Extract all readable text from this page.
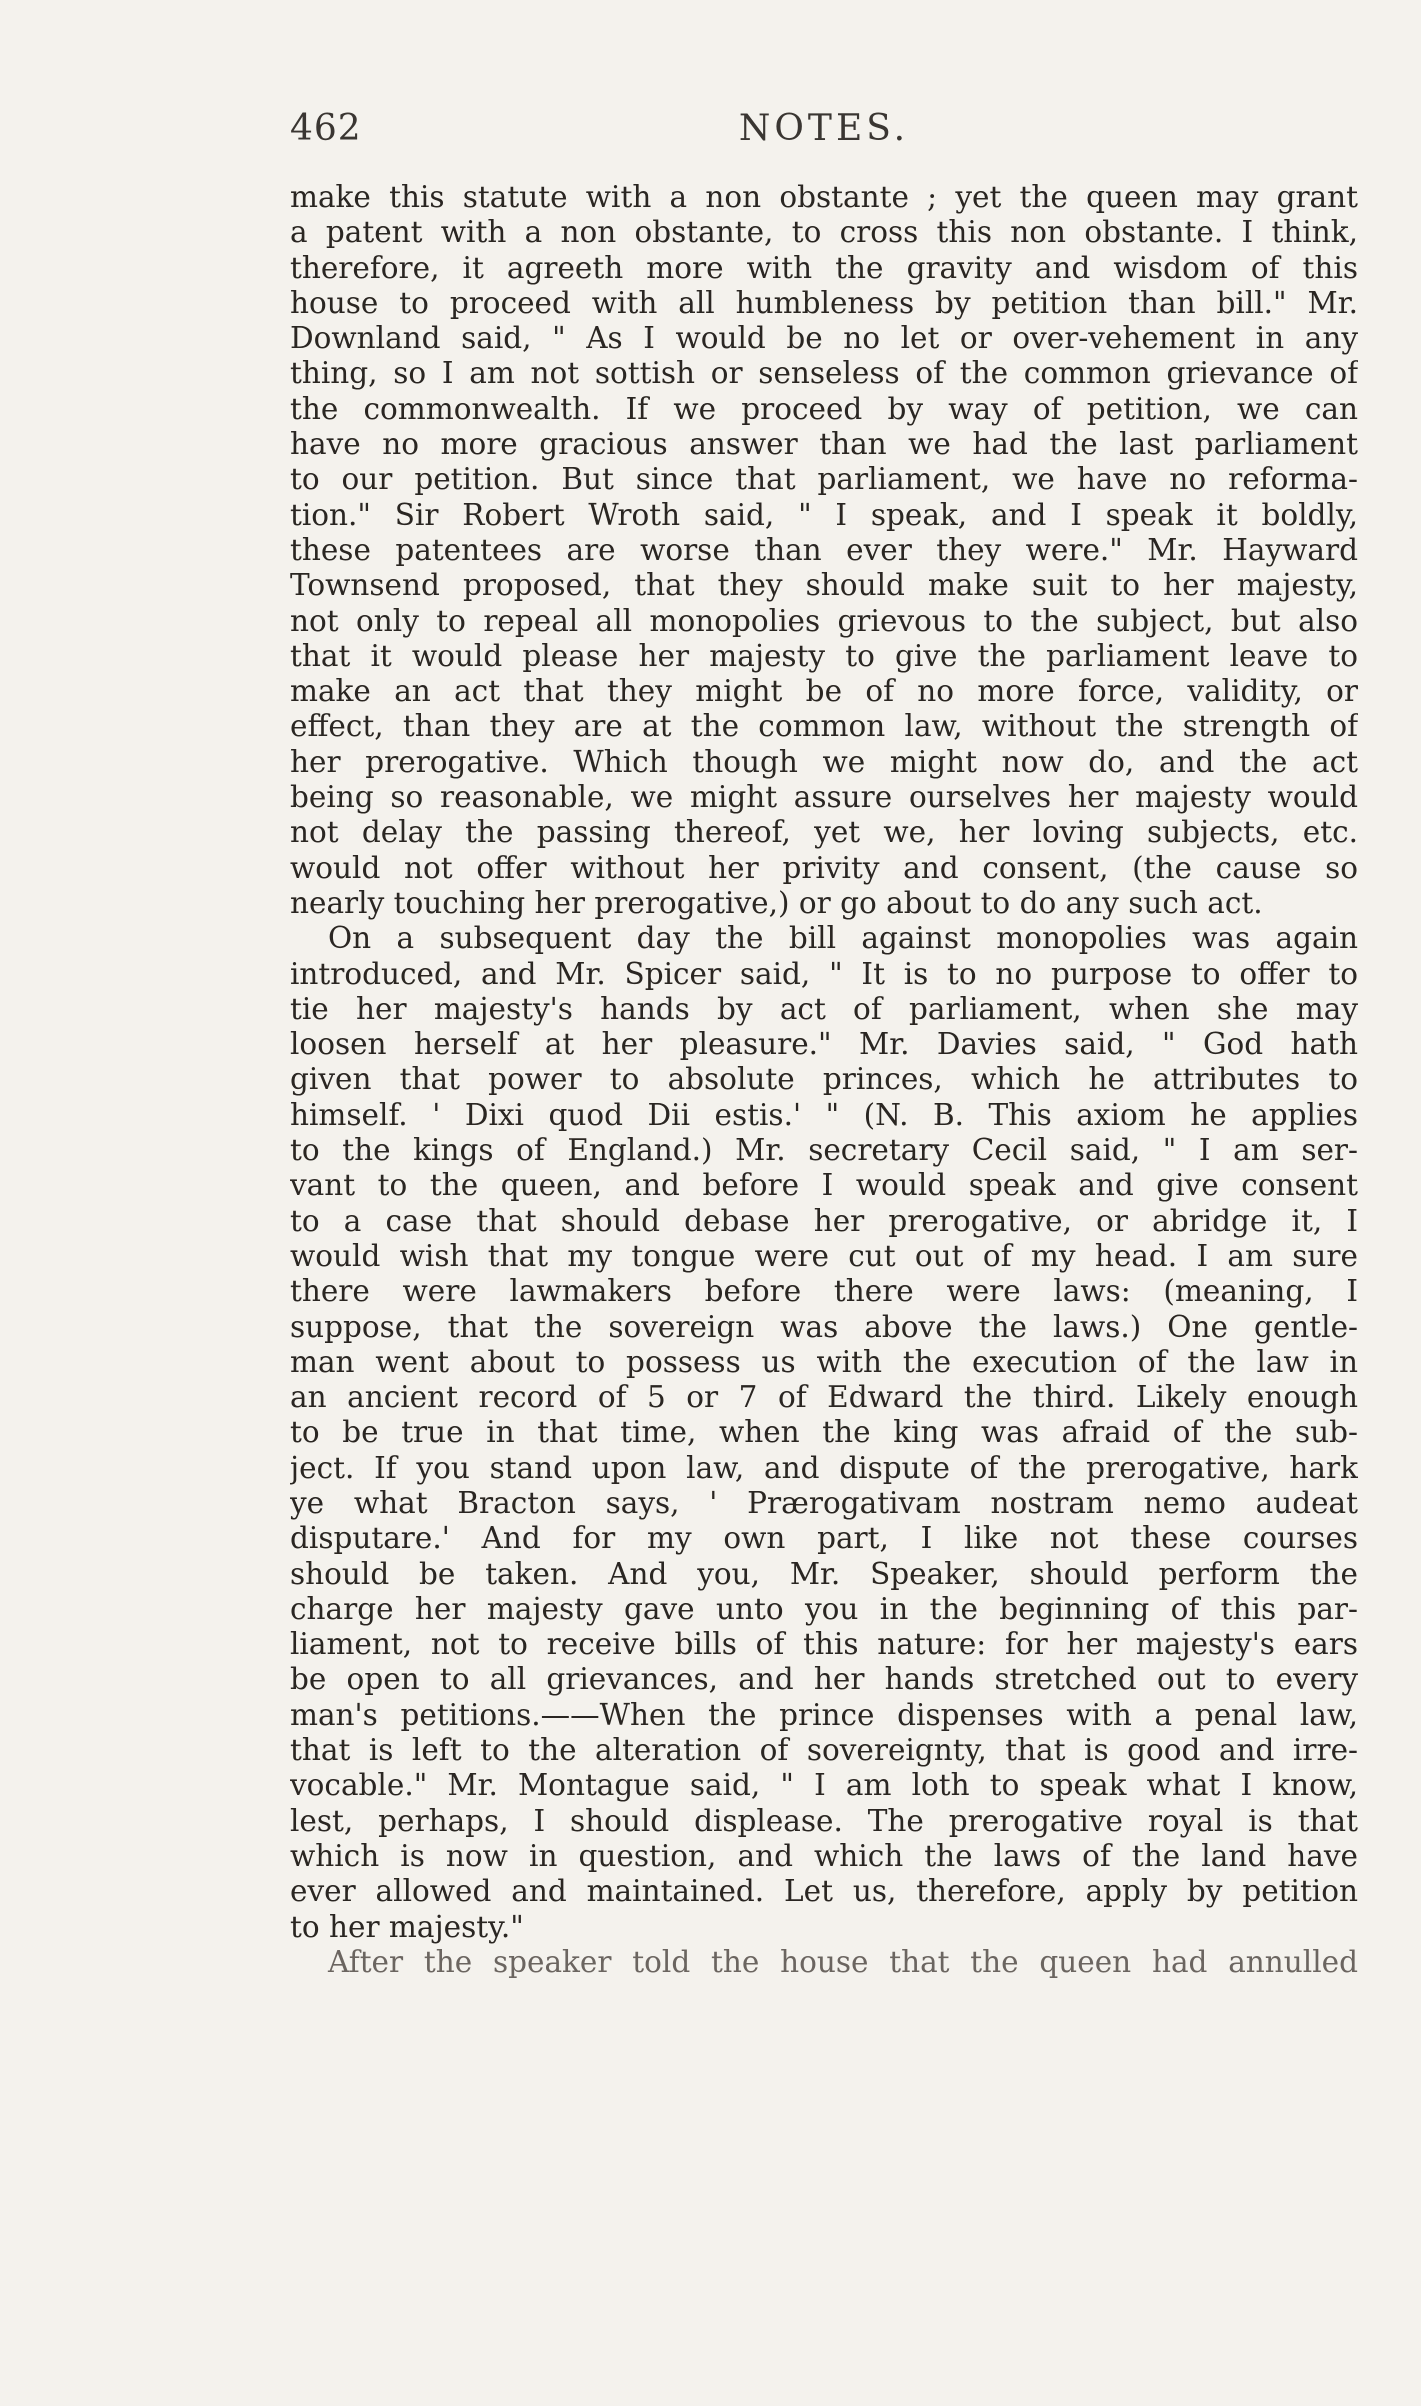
462	NOTES.
make this statute with a non obstante ; yet the queen may grant
a patent with a non obstante, to cross this non obstante. I think,
therefore, it agreeth more with the gravity and wisdom of this
house to proceed with all humbleness by petition than bill." Mr.
Downland said, " As I would be no let or over-vehement in any
thing, so I am not sottish or senseless of the common grievance of
the commonwealth. If we proceed by way of petition, we can
have no more gracious answer than we had the last parliament
to our petition. But since that parliament, we have no reforma-
tion." Sir Robert Wroth said, " I speak, and I speak it boldly,
these patentees are worse than ever they were." Mr. Hayward
Townsend proposed, that they should make suit to her majesty,
not only to repeal all monopolies grievous to the subject, but also
that it would please her majesty to give the parliament leave to
make an act that they might be of no more force, validity, or
effect, than they are at the common law, without the strength of
her prerogative. Which though we might now do, and the act
being so reasonable, we might assure ourselves her majesty would
not delay the passing thereof, yet we, her loving subjects, etc.
would not offer without her privity and consent, (the cause so
nearly touching her prerogative,) or go about to do any such act.
On a subsequent day the bill against monopolies was again
introduced, and Mr. Spicer said, " It is to no purpose to offer to
tie her majesty's hands by act of parliament, when she may
loosen herself at her pleasure." Mr. Davies said, " God hath
given that power to absolute princes, which he attributes to
himself. ' Dixi quod Dii estis.' " (N. B. This axiom he applies
to the kings of England.) Mr. secretary Cecil said, " I am ser-
vant to the queen, and before I would speak and give consent
to a case that should debase her prerogative, or abridge it, I
would wish that my tongue were cut out of my head. I am sure
there were lawmakers before there were laws: (meaning, I
suppose, that the sovereign was above the laws.) One gentle-
man went about to possess us with the execution of the law in
an ancient record of 5 or 7 of Edward the third. Likely enough
to be true in that time, when the king was afraid of the sub-
ject. If you stand upon law, and dispute of the prerogative, hark
ye what Bracton says, ' Prærogativam nostram nemo audeat
disputare.' And for my own part, I like not these courses
should be taken. And you, Mr. Speaker, should perform the
charge her majesty gave unto you in the beginning of this par-
liament, not to receive bills of this nature: for her majesty's ears
be open to all grievances, and her hands stretched out to every
man's petitions.——When the prince dispenses with a penal law,
that is left to the alteration of sovereignty, that is good and irre-
vocable." Mr. Montague said, " I am loth to speak what I know,
lest, perhaps, I should displease. The prerogative royal is that
which is now in question, and which the laws of the land have
ever allowed and maintained. Let us, therefore, apply by petition
to her majesty."
After the speaker told the house that the queen had annulled
